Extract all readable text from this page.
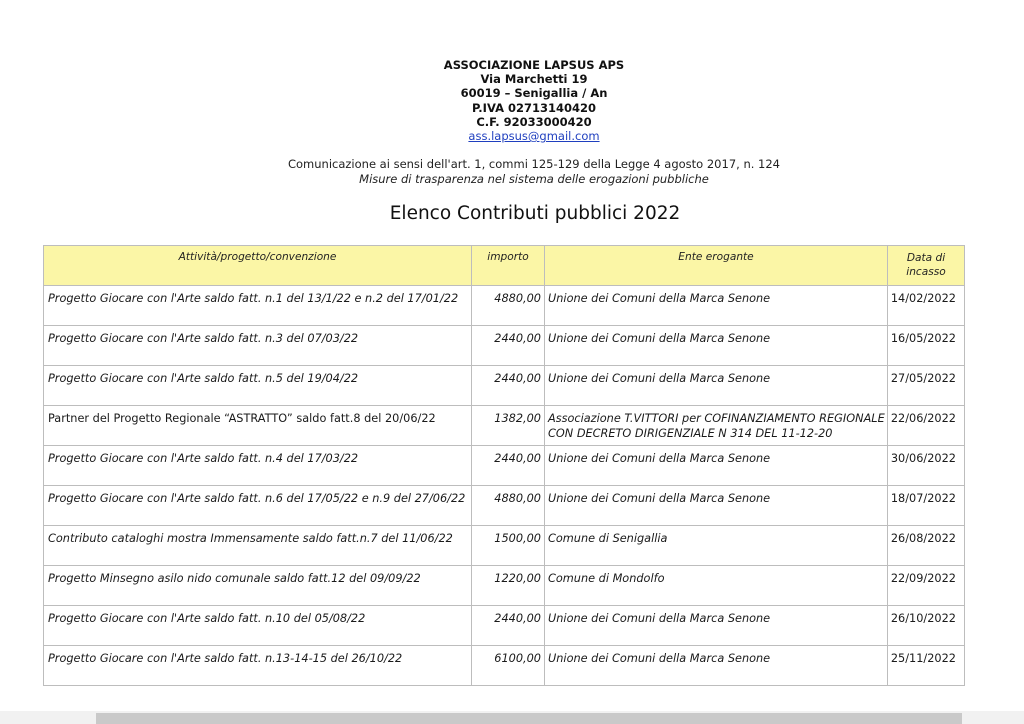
ASSOCIAZIONE LAPSUS APS
Via Marchetti 19
60019 – Senigallia / An
P.IVA 02713140420
C.F. 92033000420
ass.lapsus@gmail.com
Comunicazione ai sensi dell'art. 1, commi 125-129 della Legge 4 agosto 2017, n. 124
Misure di trasparenza nel sistema delle erogazioni pubbliche
Elenco Contributi pubblici 2022
Attività/progetto/convenzione	importo	Ente erogante	Data di
incasso
Progetto Giocare con l'Arte saldo fatt. n.1 del 13/1/22 e n.2 del 17/01/22	4880,00	Unione dei Comuni della Marca Senone	14/02/2022
Progetto Giocare con l'Arte saldo fatt. n.3 del 07/03/22	2440,00	Unione dei Comuni della Marca Senone	16/05/2022
Progetto Giocare con l'Arte saldo fatt. n.5 del 19/04/22	2440,00	Unione dei Comuni della Marca Senone	27/05/2022
Partner del Progetto Regionale “ASTRATTO” saldo fatt.8 del 20/06/22	1382,00	Associazione T.VITTORI per COFINANZIAMENTO REGIONALE CON DECRETO DIRIGENZIALE N 314 DEL 11-12-20	22/06/2022
Progetto Giocare con l'Arte saldo fatt. n.4 del 17/03/22	2440,00	Unione dei Comuni della Marca Senone	30/06/2022
Progetto Giocare con l'Arte saldo fatt. n.6 del 17/05/22 e n.9 del 27/06/22	4880,00	Unione dei Comuni della Marca Senone	18/07/2022
Contributo cataloghi mostra Immensamente saldo fatt.n.7 del 11/06/22	1500,00	Comune di Senigallia	26/08/2022
Progetto Minsegno asilo nido comunale saldo fatt.12 del 09/09/22	1220,00	Comune di Mondolfo	22/09/2022
Progetto Giocare con l'Arte saldo fatt. n.10 del 05/08/22	2440,00	Unione dei Comuni della Marca Senone	26/10/2022
Progetto Giocare con l'Arte saldo fatt. n.13-14-15 del 26/10/22	6100,00	Unione dei Comuni della Marca Senone	25/11/2022
